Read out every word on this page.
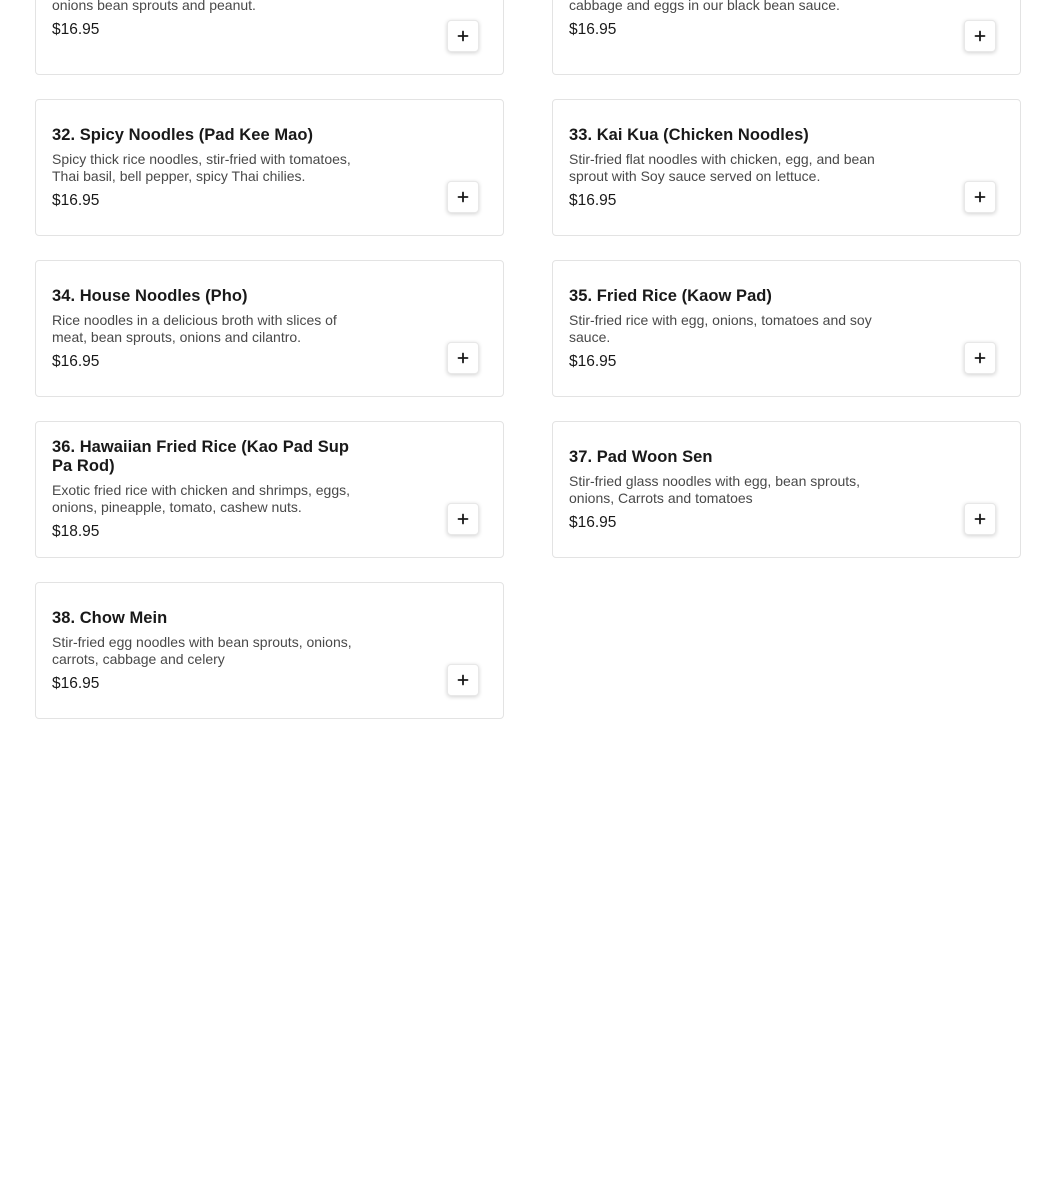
onions bean sprouts and peanut.
$16.95
cabbage and eggs in our black bean sauce.
$16.95
32. Spicy Noodles (Pad Kee Mao)
Spicy thick rice noodles, stir-fried with tomatoes, Thai basil, bell pepper, spicy Thai chilies.
$16.95
33. Kai Kua (Chicken Noodles)
Stir-fried flat noodles with chicken, egg, and bean sprout with Soy sauce served on lettuce.
$16.95
34. House Noodles (Pho)
Rice noodles in a delicious broth with slices of meat, bean sprouts, onions and cilantro.
$16.95
35. Fried Rice (Kaow Pad)
Stir-fried rice with egg, onions, tomatoes and soy sauce.
$16.95
36. Hawaiian Fried Rice (Kao Pad Sup Pa Rod)
Exotic fried rice with chicken and shrimps, eggs, onions, pineapple, tomato, cashew nuts.
$18.95
37. Pad Woon Sen
Stir-fried glass noodles with egg, bean sprouts, onions, Carrots and tomatoes
$16.95
38. Chow Mein
Stir-fried egg noodles with bean sprouts, onions, carrots, cabbage and celery
$16.95
